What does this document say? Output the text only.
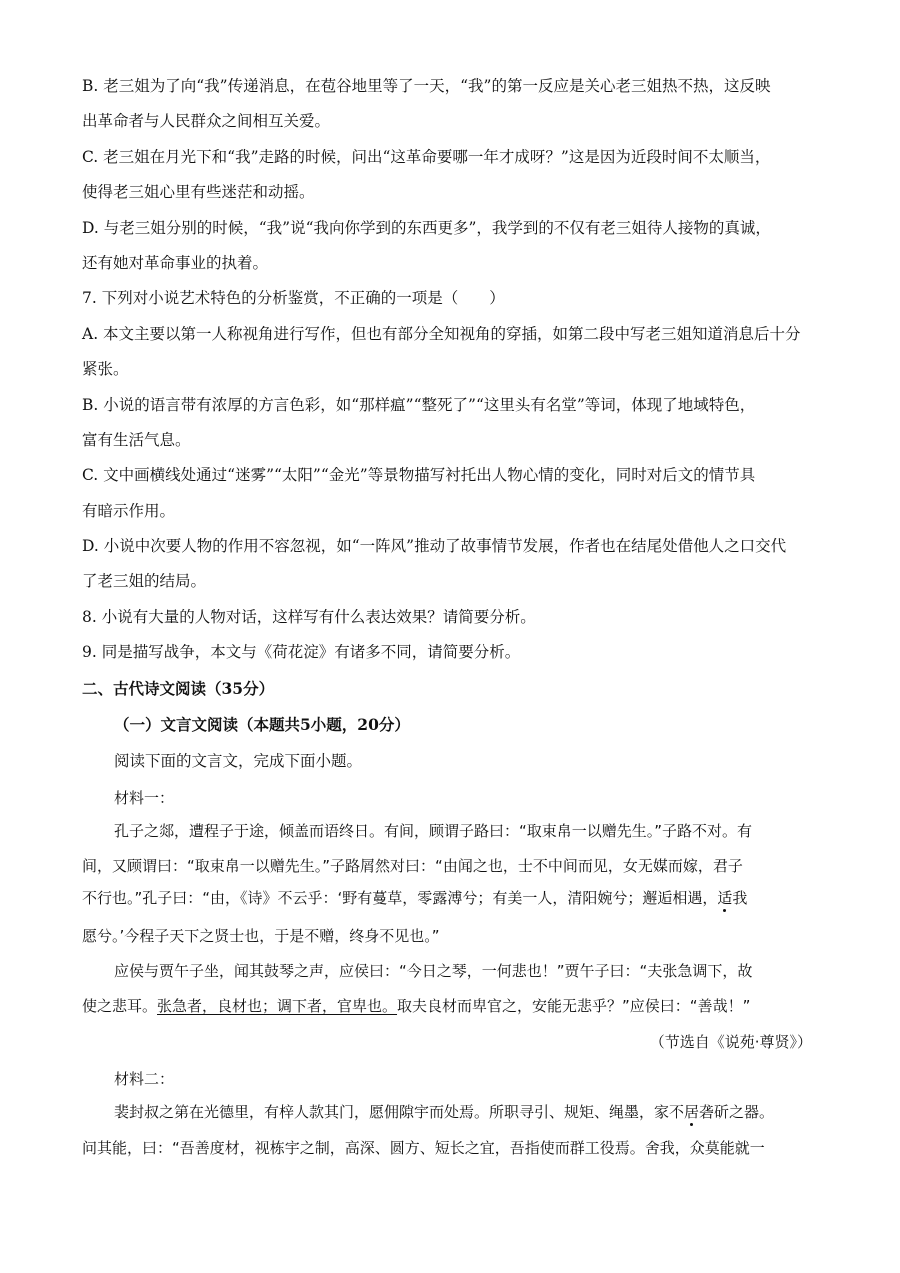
B. 老三姐为了向“我”传递消息，在苞谷地里等了一天，“我”的第一反应是关心老三姐热不热，这反映
出革命者与人民群众之间相互关爱。
C. 老三姐在月光下和“我”走路的时候，问出“这革命要哪一年才成呀？”这是因为近段时间不太顺当，
使得老三姐心里有些迷茫和动摇。
D. 与老三姐分别的时候，“我”说“我向你学到的东西更多”，我学到的不仅有老三姐待人接物的真诚，
还有她对革命事业的执着。
7. 下列对小说艺术特色的分析鉴赏，不正确的一项是（　　）
A. 本文主要以第一人称视角进行写作，但也有部分全知视角的穿插，如第二段中写老三姐知道消息后十分
紧张。
B. 小说的语言带有浓厚的方言色彩，如“那样瘟”“整死了”“这里头有名堂”等词，体现了地域特色，
富有生活气息。
C. 文中画横线处通过“迷雾”“太阳”“金光”等景物描写衬托出人物心情的变化，同时对后文的情节具
有暗示作用。
D. 小说中次要人物的作用不容忽视，如“一阵风”推动了故事情节发展，作者也在结尾处借他人之口交代
了老三姐的结局。
8. 小说有大量的人物对话，这样写有什么表达效果？请简要分析。
9. 同是描写战争，本文与《荷花淀》有诸多不同，请简要分析。
二、古代诗文阅读（35分）
（一）文言文阅读（本题共5小题，20分）
阅读下面的文言文，完成下面小题。
材料一：
孔子之郯，遭程子于途，倾盖而语终日。有间，顾谓子路曰：“取束帛一以赠先生。”子路不对。有
间，又顾谓曰：“取束帛一以赠先生。”子路屑然对曰：“由闻之也，士不中间而见，女无媒而嫁，君子
不行也。”孔子曰：“由，《诗》不云乎：‘野有蔓草，零露溥兮；有美一人，清阳婉兮；邂逅相遇，适我
愿兮。’今程子天下之贤士也，于是不赠，终身不见也。”
应侯与贾午子坐，闻其鼓琴之声，应侯曰：“今日之琴，一何悲也！”贾午子曰：“夫张急调下，故
使之悲耳。张急者，良材也；调下者，官卑也。取夫良材而卑官之，安能无悲乎？”应侯曰：“善哉！”
（节选自《说苑·尊贤》）
材料二：
裴封叔之第在光德里，有梓人款其门，愿佣隙宇而处焉。所职寻引、规矩、绳墨，家不居砻斫之器。
问其能，曰：“吾善度材，视栋宇之制，高深、圆方、短长之宜，吾指使而群工役焉。舍我，众莫能就一
